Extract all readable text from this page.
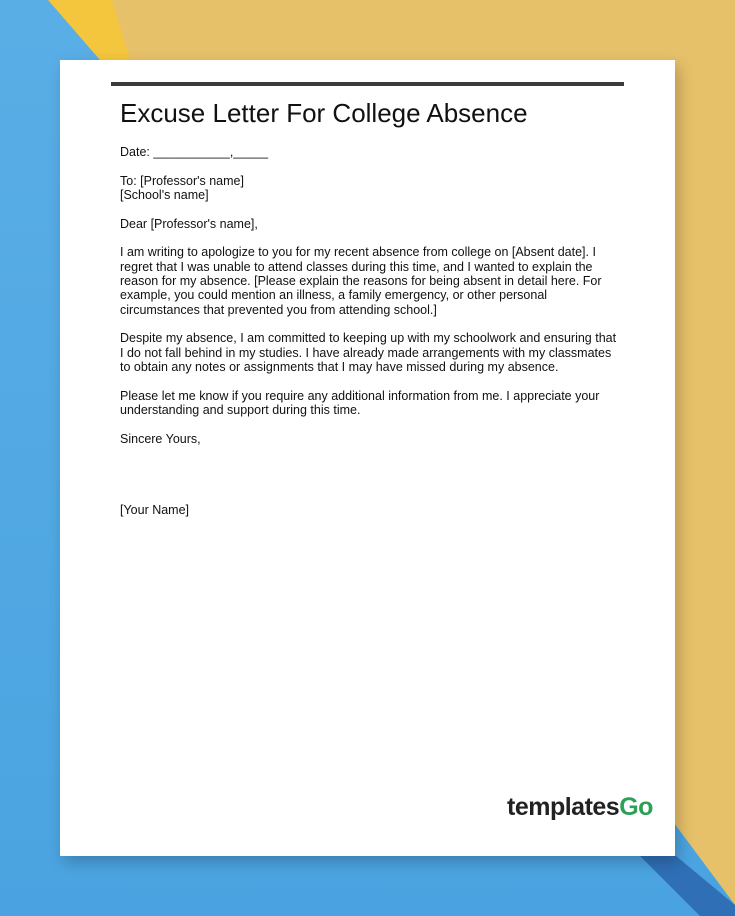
Excuse Letter For College Absence

Date: ___________,_____

To: [Professor's name]
[School's name]

Dear [Professor's name],

I am writing to apologize to you for my recent absence from college on [Absent date]. I regret that I was unable to attend classes during this time, and I wanted to explain the reason for my absence. [Please explain the reasons for being absent in detail here. For example, you could mention an illness, a family emergency, or other personal circumstances that prevented you from attending school.]

Despite my absence, I am committed to keeping up with my schoolwork and ensuring that I do not fall behind in my studies. I have already made arrangements with my classmates to obtain any notes or assignments that I may have missed during my absence.

Please let me know if you require any additional information from me. I appreciate your understanding and support during this time.

Sincere Yours,

[Your Name]

templatesGo
